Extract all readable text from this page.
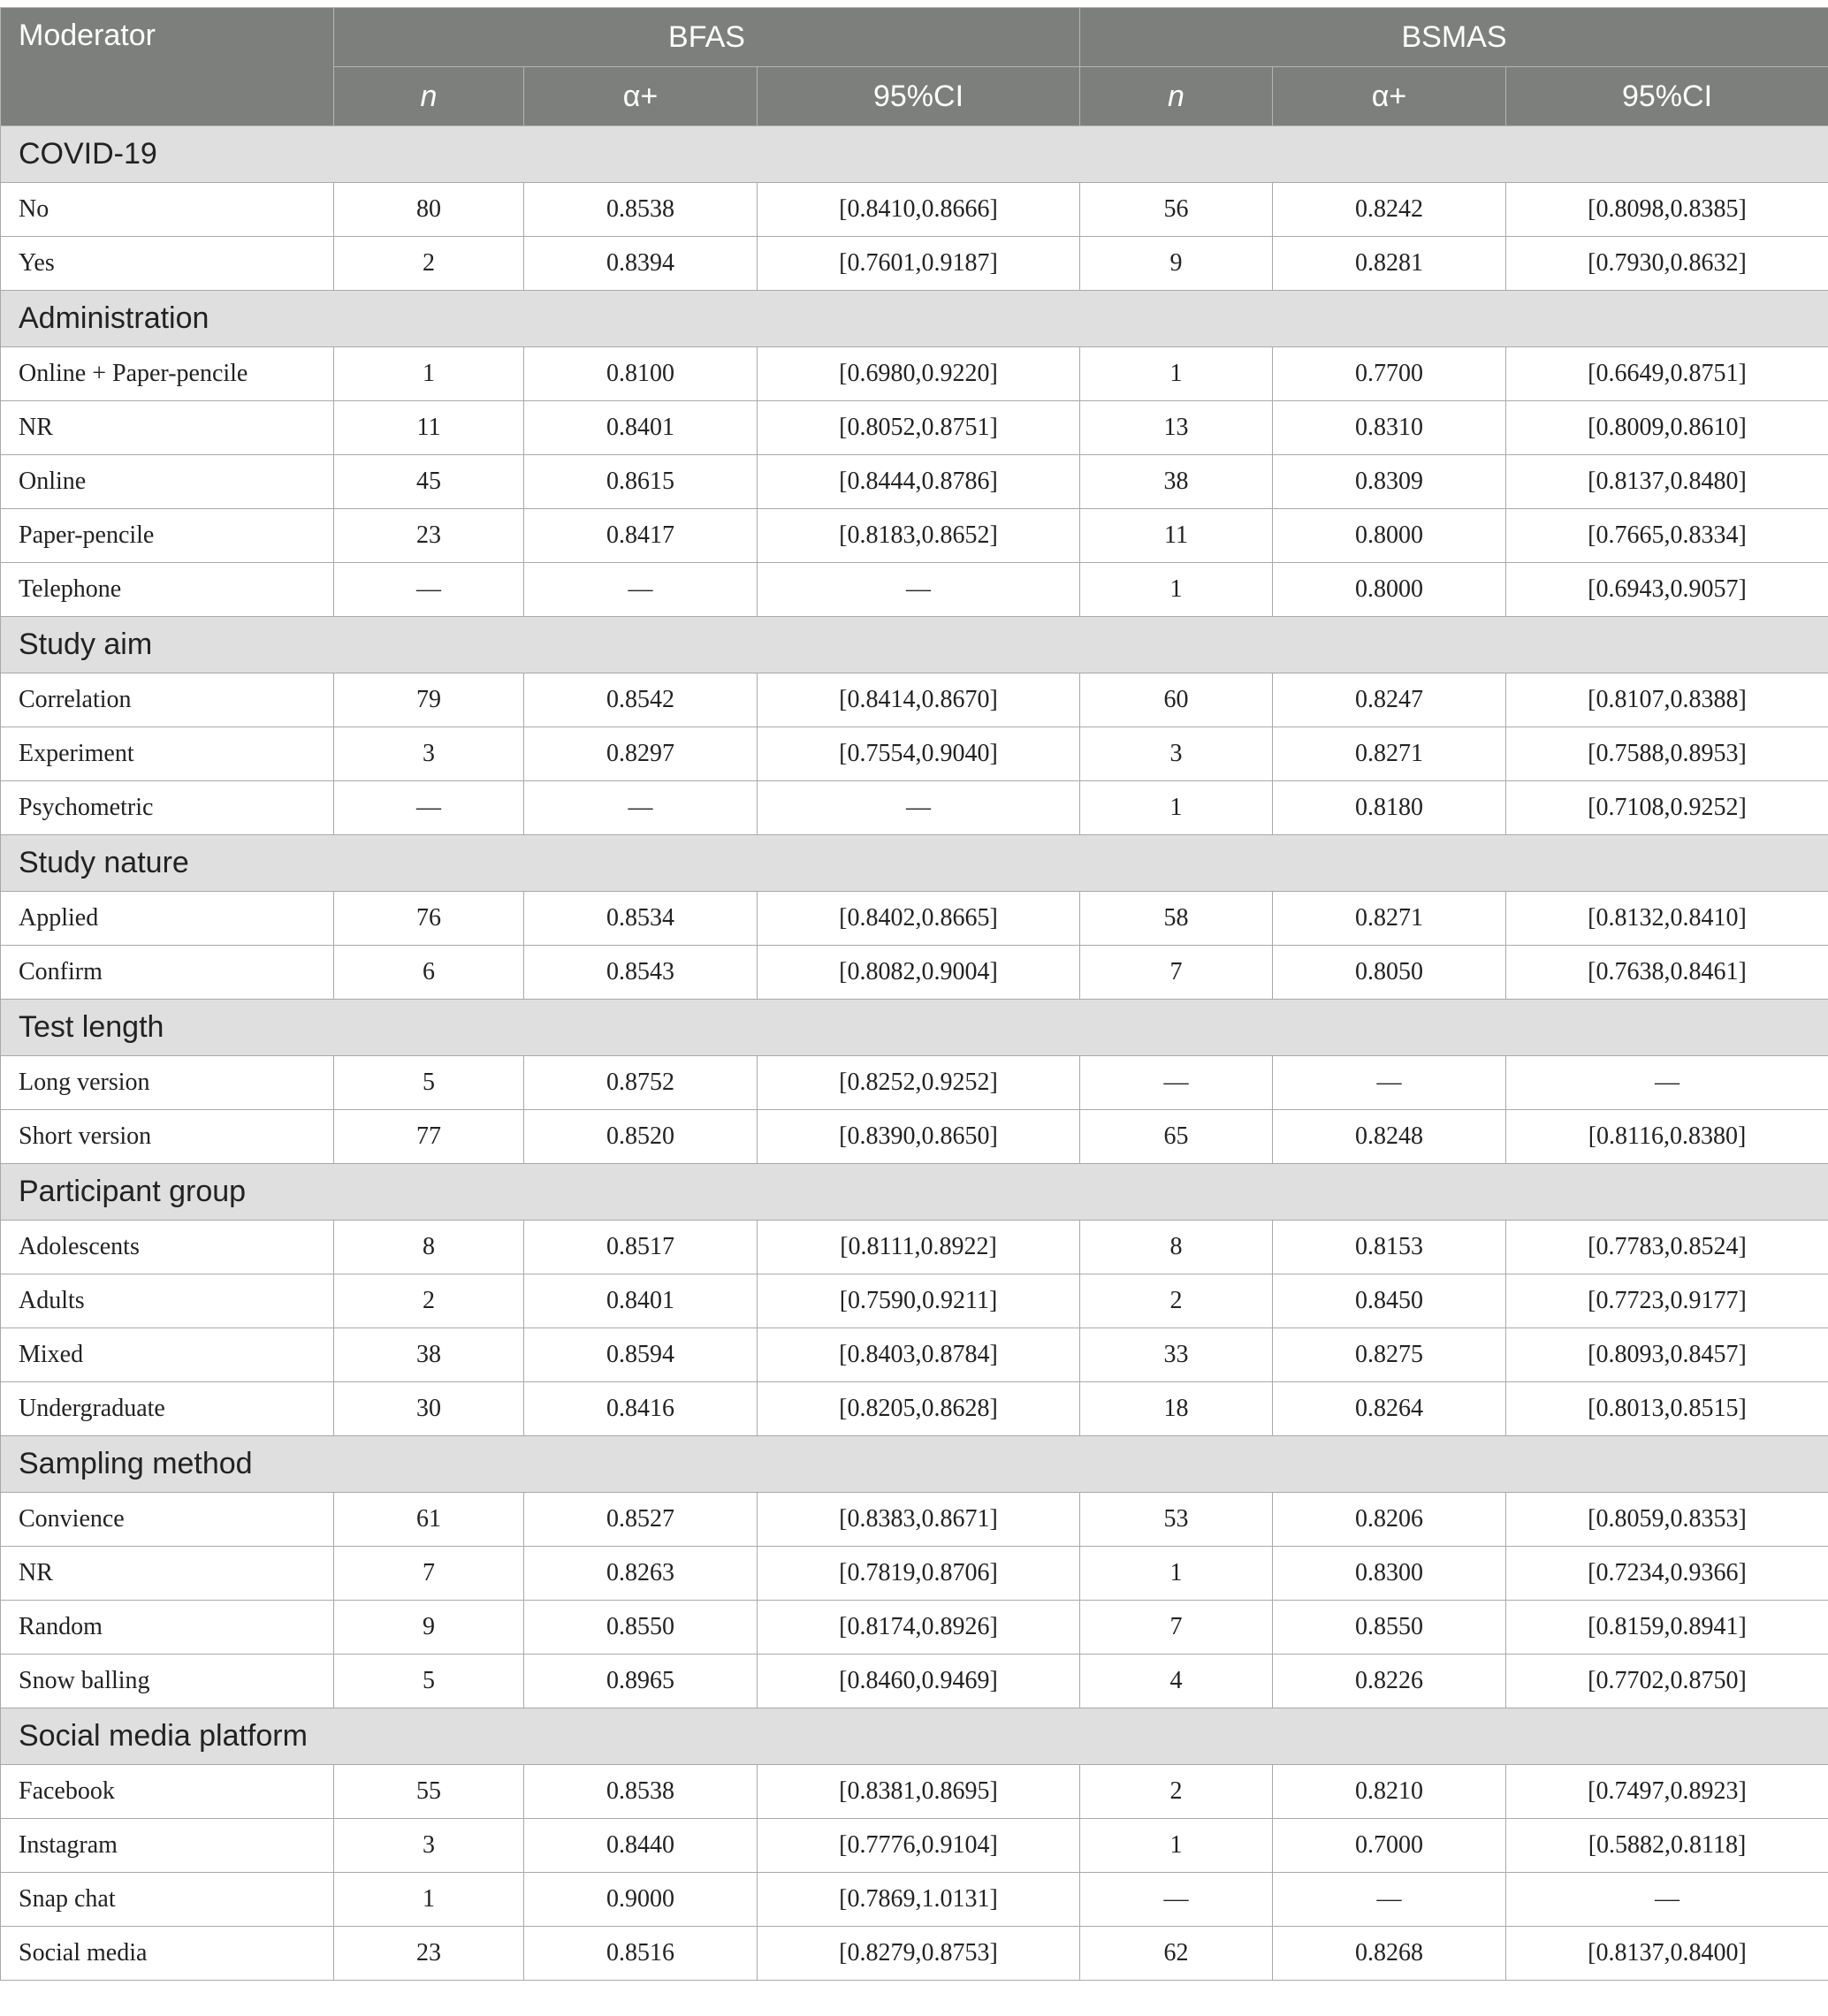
Moderator	BFAS			BSMAS		
	n	α+	95%CI	n	α+	95%CI
COVID-19						
No	80	0.8538	[0.8410,0.8666]	56	0.8242	[0.8098,0.8385]
Yes	2	0.8394	[0.7601,0.9187]	9	0.8281	[0.7930,0.8632]
Administration						
Online + Paper-pencile	1	0.8100	[0.6980,0.9220]	1	0.7700	[0.6649,0.8751]
NR	11	0.8401	[0.8052,0.8751]	13	0.8310	[0.8009,0.8610]
Online	45	0.8615	[0.8444,0.8786]	38	0.8309	[0.8137,0.8480]
Paper-pencile	23	0.8417	[0.8183,0.8652]	11	0.8000	[0.7665,0.8334]
Telephone	—	—	—	1	0.8000	[0.6943,0.9057]
Study aim						
Correlation	79	0.8542	[0.8414,0.8670]	60	0.8247	[0.8107,0.8388]
Experiment	3	0.8297	[0.7554,0.9040]	3	0.8271	[0.7588,0.8953]
Psychometric	—	—	—	1	0.8180	[0.7108,0.9252]
Study nature						
Applied	76	0.8534	[0.8402,0.8665]	58	0.8271	[0.8132,0.8410]
Confirm	6	0.8543	[0.8082,0.9004]	7	0.8050	[0.7638,0.8461]
Test length						
Long version	5	0.8752	[0.8252,0.9252]	—	—	—
Short version	77	0.8520	[0.8390,0.8650]	65	0.8248	[0.8116,0.8380]
Participant group						
Adolescents	8	0.8517	[0.8111,0.8922]	8	0.8153	[0.7783,0.8524]
Adults	2	0.8401	[0.7590,0.9211]	2	0.8450	[0.7723,0.9177]
Mixed	38	0.8594	[0.8403,0.8784]	33	0.8275	[0.8093,0.8457]
Undergraduate	30	0.8416	[0.8205,0.8628]	18	0.8264	[0.8013,0.8515]
Sampling method						
Convience	61	0.8527	[0.8383,0.8671]	53	0.8206	[0.8059,0.8353]
NR	7	0.8263	[0.7819,0.8706]	1	0.8300	[0.7234,0.9366]
Random	9	0.8550	[0.8174,0.8926]	7	0.8550	[0.8159,0.8941]
Snow balling	5	0.8965	[0.8460,0.9469]	4	0.8226	[0.7702,0.8750]
Social media platform						
Facebook	55	0.8538	[0.8381,0.8695]	2	0.8210	[0.7497,0.8923]
Instagram	3	0.8440	[0.7776,0.9104]	1	0.7000	[0.5882,0.8118]
Snap chat	1	0.9000	[0.7869,1.0131]	—	—	—
Social media	23	0.8516	[0.8279,0.8753]	62	0.8268	[0.8137,0.8400]
